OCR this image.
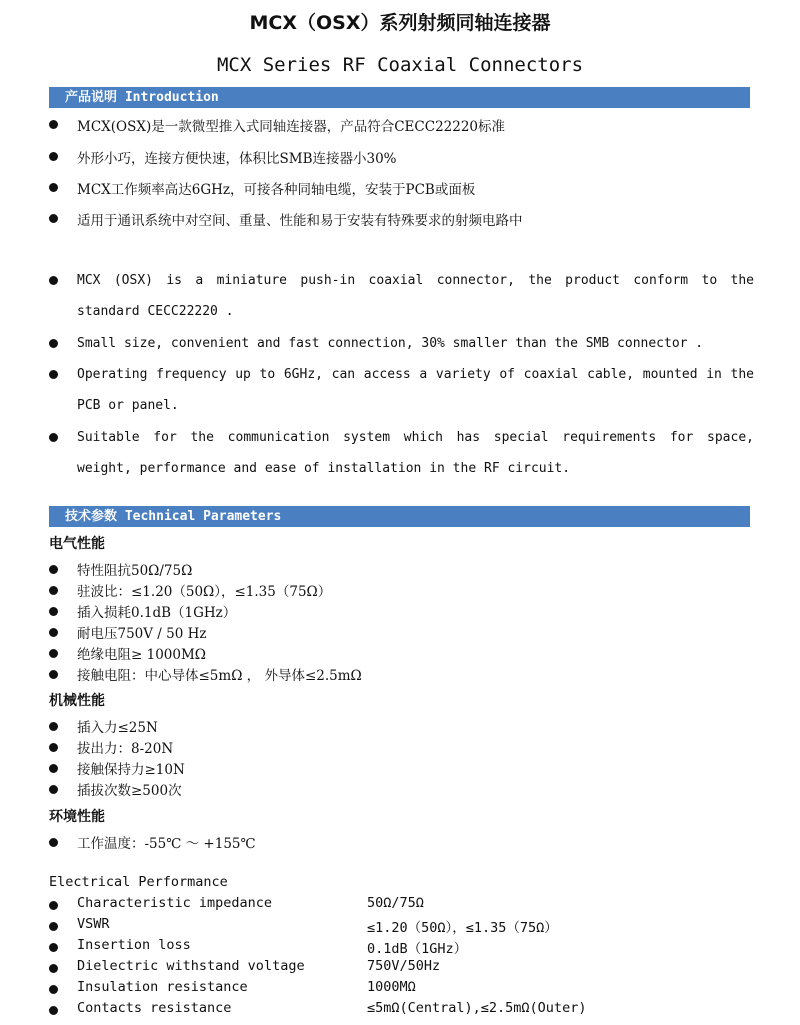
MCX（OSX）系列射频同轴连接器
MCX Series RF Coaxial Connectors
产品说明 Introduction
MCX(OSX)是一款微型推入式同轴连接器，产品符合CECC22220标准
外形小巧，连接方便快速，体积比SMB连接器小30%
MCX工作频率高达6GHz，可接各种同轴电缆，安装于PCB或面板
适用于通讯系统中对空间、重量、性能和易于安装有特殊要求的射频电路中
MCX (OSX) is a miniature push-in coaxial connector, the product conform to the standard CECC22220 .
Small size, convenient and fast connection, 30% smaller than the SMB connector .
Operating frequency up to 6GHz, can access a variety of coaxial cable, mounted in the PCB or panel.
Suitable for the communication system which has special requirements for space, weight, performance and ease of installation in the RF circuit.
技术参数 Technical Parameters
电气性能
特性阻抗50Ω/75Ω
驻波比：≤1.20（50Ω），≤1.35（75Ω）
插入损耗0.1dB（1GHz）
耐电压750V / 50 Hz
绝缘电阻≥ 1000MΩ
接触电阻：中心导体≤5mΩ ， 外导体≤2.5mΩ
机械性能
插入力≤25N
拔出力：8-20N
接触保持力≥10N
插拔次数≥500次
环境性能
工作温度：-55℃ ～ +155℃
Electrical Performance
Characteristic impedance	50Ω/75Ω
VSWR	≤1.20（50Ω），≤1.35（75Ω）
Insertion loss	0.1dB（1GHz）
Dielectric withstand voltage	750V/50Hz
Insulation resistance	1000MΩ
Contacts resistance	≤5mΩ(Central),≤2.5mΩ(Outer)
